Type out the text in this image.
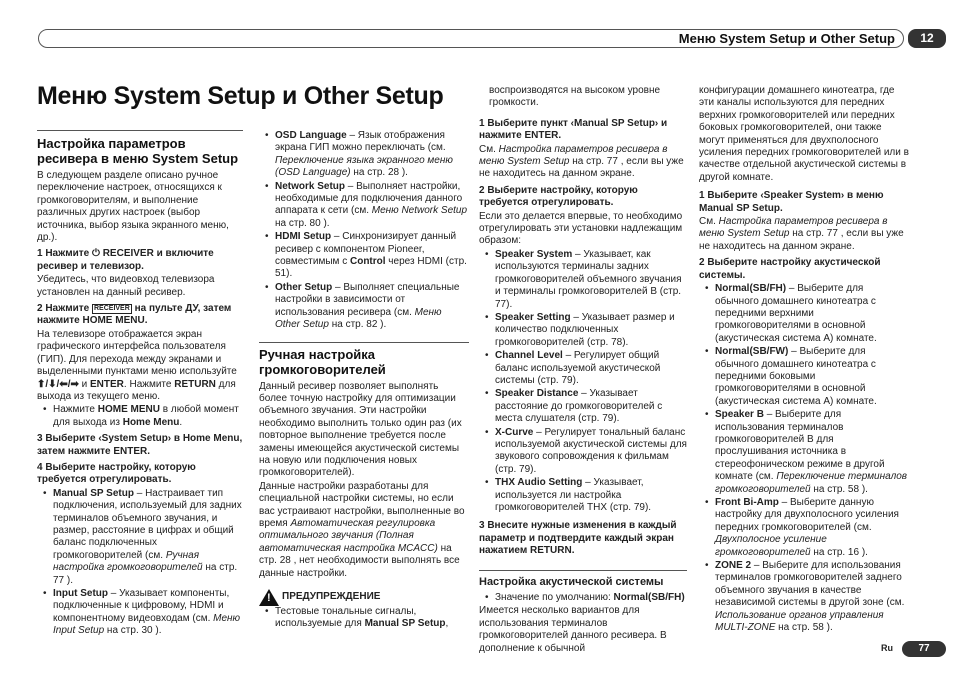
Меню System Setup и Other Setup	12
Меню System Setup и Other Setup

Настройка параметров ресивера в меню System Setup

В следующем разделе описано ручное переключение настроек, относящихся к громкоговорителям, и выполнение различных других настроек (выбор источника, выбор языка экранного меню, др.).

1 Нажмите ⏻ RECEIVER и включите ресивер и телевизор.

Убедитесь, что видеовход телевизора установлен на данный ресивер.

2 Нажмите RECEIVER на пульте ДУ, затем нажмите HOME MENU.

На телевизоре отображается экран графического интерфейса пользователя (ГИП). Для перехода между экранами и выделенными пунктами меню используйте ⬆/⬇/⬅/➡ и ENTER. Нажмите RETURN для выхода из текущего меню.

• Нажмите HOME MENU в любой момент для выхода из Home Menu.

3 Выберите ‹System Setup› в Home Menu, затем нажмите ENTER.

4 Выберите настройку, которую требуется отрегулировать.

• Manual SP Setup – Настраивает тип подключения, используемый для задних терминалов объемного звучания, и размер, расстояние в цифрах и общий баланс подключенных громкоговорителей (см. Ручная настройка громкоговорителей на стр. 77 ).
• Input Setup – Указывает компоненты, подключенные к цифровому, HDMI и компонентному видеовходам (см. Меню Input Setup на стр. 30 ).
• OSD Language – Язык отображения экрана ГИП можно переключать (см. Переключение языка экранного меню (OSD Language) на стр. 28 ).
• Network Setup – Выполняет настройки, необходимые для подключения данного аппарата к сети (см. Меню Network Setup на стр. 80 ).
• HDMI Setup – Синхронизирует данный ресивер с компонентом Pioneer, совместимым с Control через HDMI (стр. 51).
• Other Setup – Выполняет специальные настройки в зависимости от использования ресивера (см. Меню Other Setup на стр. 82 ).

Ручная настройка громкоговорителей

Данный ресивер позволяет выполнять более точную настройку для оптимизации объемного звучания. Эти настройки необходимо выполнить только один раз (их повторное выполнение требуется после замены имеющейся акустической системы на новую или подключения новых громкоговорителей).

Данные настройки разработаны для специальной настройки системы, но если вас устраивают настройки, выполненные во время Автоматическая регулировка оптимального звучания (Полная автоматическая настройка MCACC) на стр. 28 , нет необходимости выполнять все данные настройки.

! ПРЕДУПРЕЖДЕНИЕ
• Тестовые тональные сигналы, используемые для Manual SP Setup,

воспроизводятся на высоком уровне громкости.

1 Выберите пункт ‹Manual SP Setup› и нажмите ENTER.

См. Настройка параметров ресивера в меню System Setup на стр. 77 , если вы уже не находитесь на данном экране.

2 Выберите настройку, которую требуется отрегулировать.

Если это делается впервые, то необходимо отрегулировать эти установки надлежащим образом:

• Speaker System – Указывает, как используются терминалы задних громкоговорителей объемного звучания и терминалы громкоговорителей B (стр. 77).
• Speaker Setting – Указывает размер и количество подключенных громкоговорителей (стр. 78).
• Channel Level – Регулирует общий баланс используемой акустической системы (стр. 79).
• Speaker Distance – Указывает расстояние до громкоговорителей с места слушателя (стр. 79).
• X-Curve – Регулирует тональный баланс используемой акустической системы для звукового сопровождения к фильмам (стр. 79).
• THX Audio Setting – Указывает, используется ли настройка громкоговорителей THX (стр. 79).

3 Внесите нужные изменения в каждый параметр и подтвердите каждый экран нажатием RETURN.

Настройка акустической системы

• Значение по умолчанию: Normal(SB/FH)

Имеется несколько вариантов для использования терминалов громкоговорителей данного ресивера. В дополнение к обычной

конфигурации домашнего кинотеатра, где эти каналы используются для передних верхних громкоговорителей или передних боковых громкоговорителей, они также могут применяться для двухполосного усиления передних громкоговорителей или в качестве отдельной акустической системы в другой комнате.

1 Выберите ‹Speaker System› в меню Manual SP Setup.

См. Настройка параметров ресивера в меню System Setup на стр. 77 , если вы уже не находитесь на данном экране.

2 Выберите настройку акустической системы.

• Normal(SB/FH) – Выберите для обычного домашнего кинотеатра с передними верхними громкоговорителями в основной (акустическая система A) комнате.
• Normal(SB/FW) – Выберите для обычного домашнего кинотеатра с передними боковыми громкоговорителями в основной (акустическая система A) комнате.
• Speaker B – Выберите для использования терминалов громкоговорителей B для прослушивания источника в стереофоническом режиме в другой комнате (см. Переключение терминалов громкоговорителей на стр. 58 ).
• Front Bi-Amp – Выберите данную настройку для двухполосного усиления передних громкоговорителей (см. Двухполосное усиление громкоговорителей на стр. 16 ).
• ZONE 2 – Выберите для использования терминалов громкоговорителей заднего объемного звучания в качестве независимой системы в другой зоне (см. Использование органов управления MULTI-ZONE на стр. 58 ).
Ru	77
